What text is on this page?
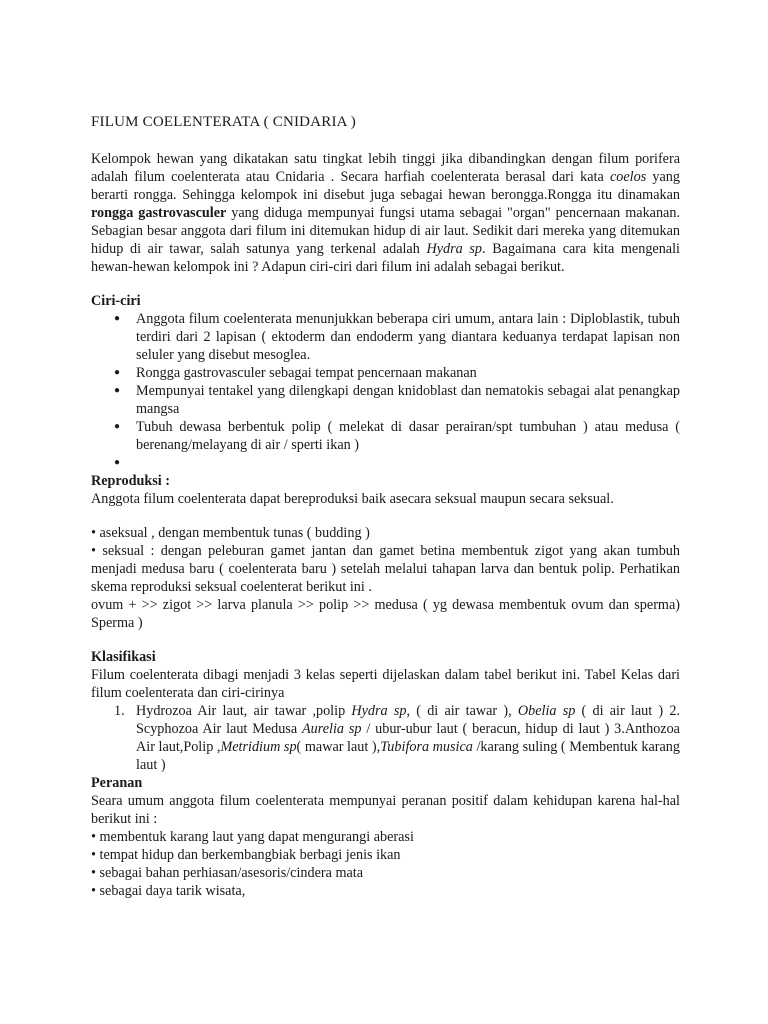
FILUM COELENTERATA ( CNIDARIA )

Kelompok hewan yang dikatakan satu tingkat lebih tinggi jika dibandingkan dengan filum porifera adalah filum coelenterata atau Cnidaria . Secara harfiah coelenterata berasal dari kata coelos yang berarti rongga. Sehingga kelompok ini disebut juga sebagai hewan berongga.Rongga itu dinamakan rongga gastrovasculer yang diduga mempunyai fungsi utama sebagai "organ" pencernaan makanan. Sebagian besar anggota dari filum ini ditemukan hidup di air laut. Sedikit dari mereka yang ditemukan hidup di air tawar, salah satunya yang terkenal adalah Hydra sp. Bagaimana cara kita mengenali hewan-hewan kelompok ini ? Adapun ciri-ciri dari filum ini adalah sebagai berikut.

Ciri-ciri
● Anggota filum coelenterata menunjukkan beberapa ciri umum, antara lain : Diploblastik, tubuh terdiri dari 2 lapisan ( ektoderm dan endoderm yang diantara keduanya terdapat lapisan non seluler yang disebut mesoglea.
● Rongga gastrovasculer sebagai tempat pencernaan makanan
● Mempunyai tentakel yang dilengkapi dengan knidoblast dan nematokis sebagai alat penangkap mangsa
● Tubuh dewasa berbentuk polip ( melekat di dasar perairan/spt tumbuhan ) atau medusa ( berenang/melayang di air / sperti ikan )
●
Reproduksi :

Anggota filum coelenterata dapat bereproduksi baik asecara seksual maupun secara seksual.

• aseksual , dengan membentuk tunas ( budding )

• seksual : dengan peleburan gamet jantan dan gamet betina membentuk zigot yang akan tumbuh menjadi medusa baru ( coelenterata baru ) setelah melalui tahapan larva dan bentuk polip. Perhatikan skema reproduksi seksual coelenterat berikut ini .

ovum + >> zigot >> larva planula >> polip >> medusa ( yg dewasa membentuk ovum dan sperma) Sperma )

Klasifikasi

Filum coelenterata dibagi menjadi 3 kelas seperti dijelaskan dalam tabel berikut ini. Tabel Kelas dari filum coelenterata dan ciri-cirinya

1. Hydrozoa Air laut, air tawar ,polip Hydra sp, ( di air tawar ), Obelia sp ( di air laut ) 2. Scyphozoa Air laut Medusa Aurelia sp / ubur-ubur laut ( beracun, hidup di laut ) 3.Anthozoa Air laut,Polip ,Metridium sp( mawar laut ),Tubifora musica /karang suling ( Membentuk karang laut )
Peranan

Seara umum anggota filum coelenterata mempunyai peranan positif dalam kehidupan karena hal-hal berikut ini :

• membentuk karang laut yang dapat mengurangi aberasi

• tempat hidup dan berkembangbiak berbagi jenis ikan

• sebagai bahan perhiasan/asesoris/cindera mata

• sebagai daya tarik wisata,
